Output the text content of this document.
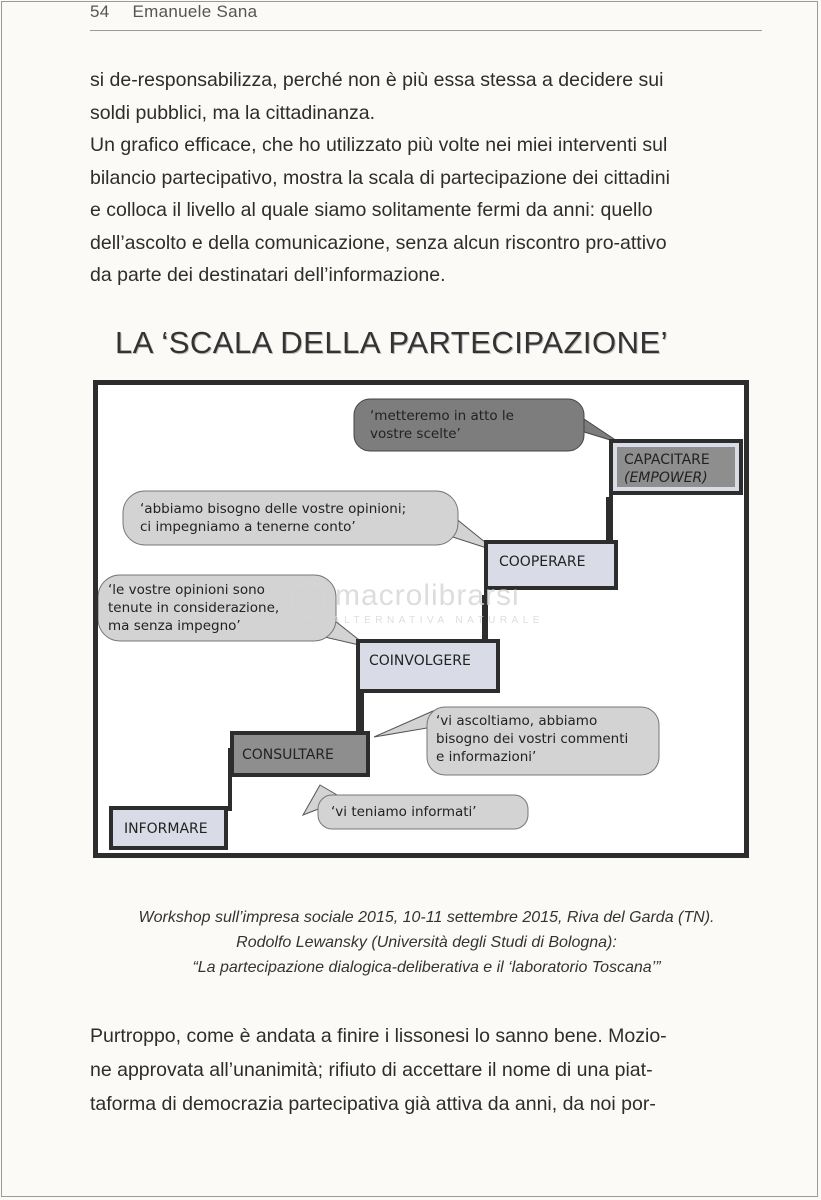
54 Emanuele Sana

si de-responsabilizza, perché non è più essa stessa a decidere sui

soldi pubblici, ma la cittadinanza.

Un grafico efficace, che ho utilizzato più volte nei miei interventi sul

bilancio partecipativo, mostra la scala di partecipazione dei cittadini

e colloca il livello al quale siamo solitamente fermi da anni: quello

dell’ascolto e della comunicazione, senza alcun riscontro pro-attivo

da parte dei destinatari dell’informazione.

LA ‘SCALA DELLA PARTECIPAZIONE’
INFORMARE
CONSULTARE
COINVOLGERE
COOPERARE
CAPACITARE
(EMPOWER)
‘vi teniamo informati’
‘vi ascoltiamo, abbiamo
bisogno dei vostri commenti
e informazioni’
‘le vostre opinioni sono
tenute in considerazione,
ma senza impegno’
‘abbiamo bisogno delle vostre opinioni;
ci impegniamo a tenerne conto’
‘metteremo in atto le
vostre scelte’
macrolibrarsi
ALTERNATIVA NATURALE
Workshop sull’impresa sociale 2015, 10-11 settembre 2015, Riva del Garda (TN).
Rodolfo Lewansky (Università degli Studi di Bologna):
“La partecipazione dialogica-deliberativa e il ‘laboratorio Toscana’”

Purtroppo, come è andata a finire i lissonesi lo sanno bene. Mozio-

ne approvata all’unanimità; rifiuto di accettare il nome di una piat-

taforma di democrazia partecipativa già attiva da anni, da noi por-
